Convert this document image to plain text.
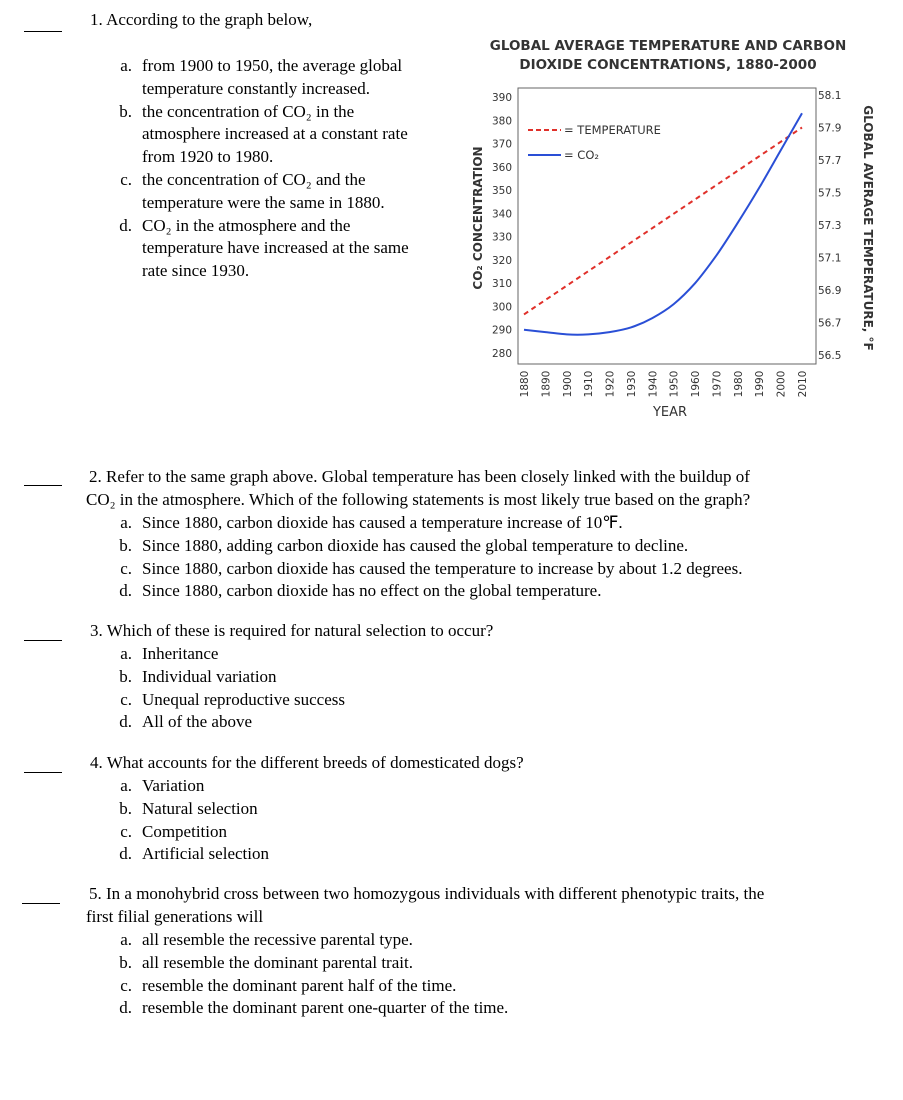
1. According to the graph below,
a. from 1900 to 1950, the average global
temperature constantly increased.
b. the concentration of CO₂ in the
atmosphere increased at a constant rate
from 1920 to 1980.
c. the concentration of CO₂ and the
temperature were the same in 1880.
d. CO₂ in the atmosphere and the
temperature have increased at the same
rate since 1930.
GLOBAL AVERAGE TEMPERATURE AND CARBON
DIOXIDE CONCENTRATIONS, 1880-2000
390
380
370
360
350
340
330
320
310
300
290
280
58.1
57.9
57.7
57.5
57.3
57.1
56.9
56.7
56.5
1880 1890 1900 1910 1920 1930 1940 1950 1960 1970 1980 1990 2000 2010
CO₂ CONCENTRATION	GLOBAL AVERAGE TEMPERATURE, °F
YEAR
= TEMPERATURE
= CO₂
2. Refer to the same graph above. Global temperature has been closely linked with the buildup of
CO₂ in the atmosphere. Which of the following statements is most likely true based on the graph?
a. Since 1880, carbon dioxide has caused a temperature increase of 10℉.
b. Since 1880, adding carbon dioxide has caused the global temperature to decline.
c. Since 1880, carbon dioxide has caused the temperature to increase by about 1.2 degrees.
d. Since 1880, carbon dioxide has no effect on the global temperature.
3. Which of these is required for natural selection to occur?
a. Inheritance
b. Individual variation
c. Unequal reproductive success
d. All of the above
4. What accounts for the different breeds of domesticated dogs?
a. Variation
b. Natural selection
c. Competition
d. Artificial selection
5. In a monohybrid cross between two homozygous individuals with different phenotypic traits, the
first filial generations will
a. all resemble the recessive parental type.
b. all resemble the dominant parental trait.
c. resemble the dominant parent half of the time.
d. resemble the dominant parent one-quarter of the time.
